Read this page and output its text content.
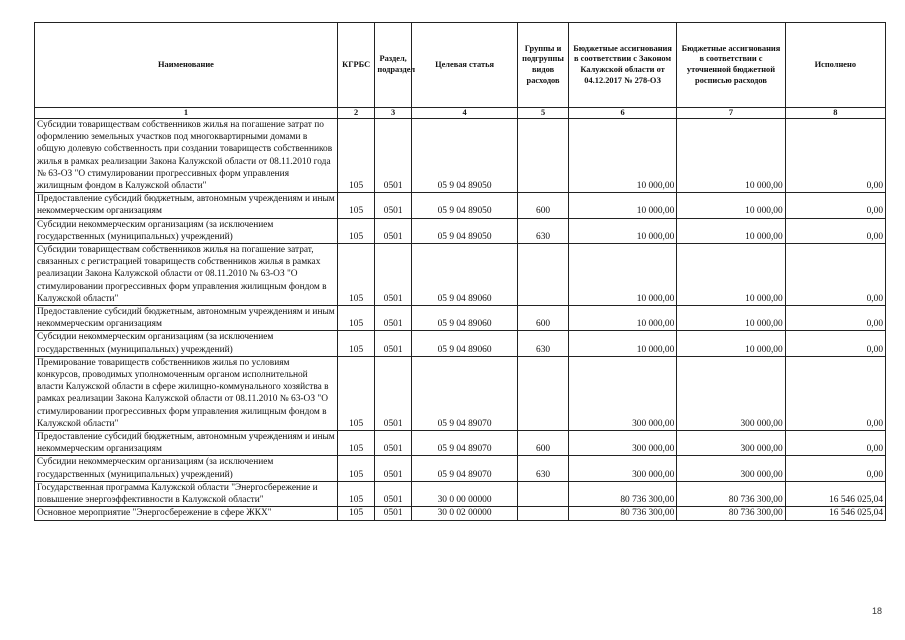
Наименование	КГРБС	Раздел, подраздел	Целевая статья	Группы и подгруппы видов расходов	Бюджетные ассигнования в соответствии с Законом Калужской области от 04.12.2017 № 278-ОЗ	Бюджетные ассигнования в соответствии с уточненной бюджетной росписью расходов	Исполнено
1	2	3	4	5	6	7	8
Субсидии товариществам собственников жилья на погашение затрат по оформлению земельных участков под многоквартирными домами в общую долевую собственность при создании товариществ собственников жилья в рамках реализации Закона Калужской области от 08.11.2010 года № 63-ОЗ "О стимулировании прогрессивных форм управления жилищным фондом в Калужской области"	105	0501	05 9 04 89050		10 000,00	10 000,00	0,00
Предоставление субсидий бюджетным, автономным учреждениям и иным некоммерческим организациям	105	0501	05 9 04 89050	600	10 000,00	10 000,00	0,00
Субсидии некоммерческим организациям (за исключением государственных (муниципальных) учреждений)	105	0501	05 9 04 89050	630	10 000,00	10 000,00	0,00
Субсидии товариществам собственников жилья на погашение затрат, связанных с регистрацией товариществ собственников жилья в рамках реализации Закона Калужской области от 08.11.2010 № 63-ОЗ "О стимулировании прогрессивных форм управления жилищным фондом в Калужской области"	105	0501	05 9 04 89060		10 000,00	10 000,00	0,00
Предоставление субсидий бюджетным, автономным учреждениям и иным некоммерческим организациям	105	0501	05 9 04 89060	600	10 000,00	10 000,00	0,00
Субсидии некоммерческим организациям (за исключением государственных (муниципальных) учреждений)	105	0501	05 9 04 89060	630	10 000,00	10 000,00	0,00
Премирование товариществ собственников жилья по условиям конкурсов, проводимых уполномоченным органом исполнительной власти Калужской области в сфере жилищно-коммунального хозяйства в рамках реализации Закона Калужской области от 08.11.2010 № 63-ОЗ "О стимулировании прогрессивных форм управления жилищным фондом в Калужской области"	105	0501	05 9 04 89070		300 000,00	300 000,00	0,00
Предоставление субсидий бюджетным, автономным учреждениям и иным некоммерческим организациям	105	0501	05 9 04 89070	600	300 000,00	300 000,00	0,00
Субсидии некоммерческим организациям (за исключением государственных (муниципальных) учреждений)	105	0501	05 9 04 89070	630	300 000,00	300 000,00	0,00
Государственная программа Калужской области "Энергосбережение и повышение энергоэффективности в Калужской области"	105	0501	30 0 00 00000		80 736 300,00	80 736 300,00	16 546 025,04
Основное мероприятие "Энергосбережение в сфере ЖКХ"	105	0501	30 0 02 00000		80 736 300,00	80 736 300,00	16 546 025,04
18
